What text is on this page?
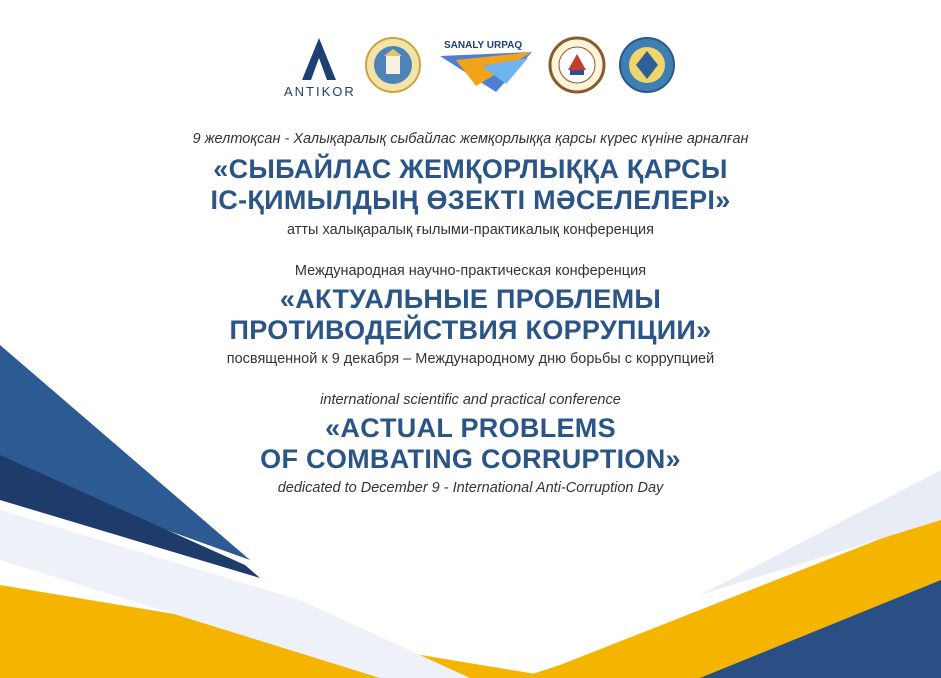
ANTIKOR
SANALY URPAQ
9 желтоқсан - Халықаралық сыбайлас жемқорлыққа қарсы күрес күніне арналған
«СЫБАЙЛАС ЖЕМҚОРЛЫҚҚА ҚАРСЫ
ІС-ҚИМЫЛДЫҢ ӨЗЕКТІ МӘСЕЛЕЛЕРІ»
атты халықаралық ғылыми-практикалық конференция
Международная научно-практическая конференция
«АКТУАЛЬНЫЕ ПРОБЛЕМЫ
ПРОТИВОДЕЙСТВИЯ КОРРУПЦИИ»
посвященной к 9 декабря – Международному дню борьбы с коррупцией
international scientific and practical conference
«ACTUAL PROBLEMS
OF COMBATING CORRUPTION»
dedicated to December 9 - International Anti-Corruption Day
